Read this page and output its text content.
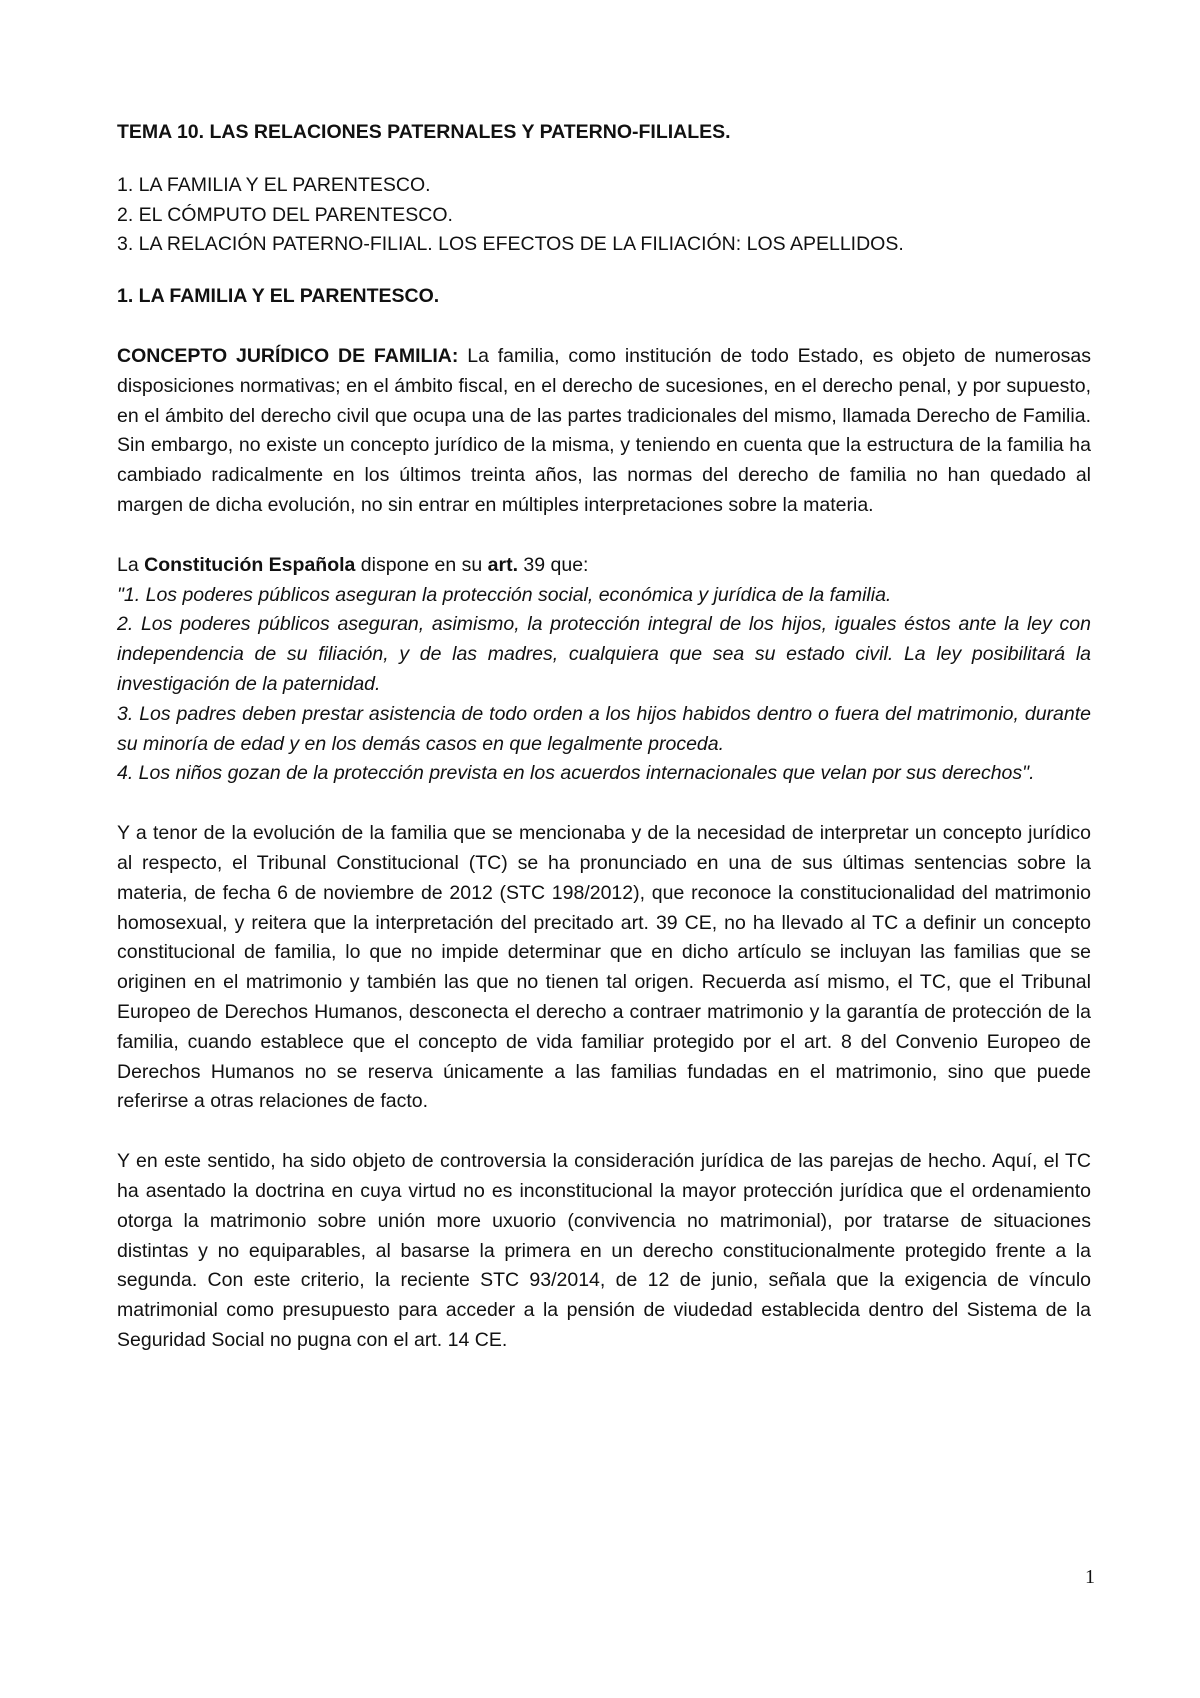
TEMA 10. LAS RELACIONES PATERNALES Y PATERNO-FILIALES.
1. LA FAMILIA Y EL PARENTESCO.
2. EL CÓMPUTO DEL PARENTESCO.
3. LA RELACIÓN PATERNO-FILIAL. LOS EFECTOS DE LA FILIACIÓN: LOS APELLIDOS.
1. LA FAMILIA Y EL PARENTESCO.

CONCEPTO JURÍDICO DE FAMILIA: La familia, como institución de todo Estado, es objeto de numerosas disposiciones normativas; en el ámbito fiscal, en el derecho de sucesiones, en el derecho penal, y por supuesto, en el ámbito del derecho civil que ocupa una de las partes tradicionales del mismo, llamada Derecho de Familia. Sin embargo, no existe un concepto jurídico de la misma, y teniendo en cuenta que la estructura de la familia ha cambiado radicalmente en los últimos treinta años, las normas del derecho de familia no han quedado al margen de dicha evolución, no sin entrar en múltiples interpretaciones sobre la materia.

La Constitución Española dispone en su art. 39 que:
"1. Los poderes públicos aseguran la protección social, económica y jurídica de la familia.
2. Los poderes públicos aseguran, asimismo, la protección integral de los hijos, iguales éstos ante la ley con independencia de su filiación, y de las madres, cualquiera que sea su estado civil. La ley posibilitará la investigación de la paternidad.
3. Los padres deben prestar asistencia de todo orden a los hijos habidos dentro o fuera del matrimonio, durante su minoría de edad y en los demás casos en que legalmente proceda.
4. Los niños gozan de la protección prevista en los acuerdos internacionales que velan por sus derechos".

Y a tenor de la evolución de la familia que se mencionaba y de la necesidad de interpretar un concepto jurídico al respecto, el Tribunal Constitucional (TC) se ha pronunciado en una de sus últimas sentencias sobre la materia, de fecha 6 de noviembre de 2012 (STC 198/2012), que reconoce la constitucionalidad del matrimonio homosexual, y reitera que la interpretación del precitado art. 39 CE, no ha llevado al TC a definir un concepto constitucional de familia, lo que no impide determinar que en dicho artículo se incluyan las familias que se originen en el matrimonio y también las que no tienen tal origen. Recuerda así mismo, el TC, que el Tribunal Europeo de Derechos Humanos, desconecta el derecho a contraer matrimonio y la garantía de protección de la familia, cuando establece que el concepto de vida familiar protegido por el art. 8 del Convenio Europeo de Derechos Humanos no se reserva únicamente a las familias fundadas en el matrimonio, sino que puede referirse a otras relaciones de facto.

Y en este sentido, ha sido objeto de controversia la consideración jurídica de las parejas de hecho. Aquí, el TC ha asentado la doctrina en cuya virtud no es inconstitucional la mayor protección jurídica que el ordenamiento otorga la matrimonio sobre unión more uxuorio (convivencia no matrimonial), por tratarse de situaciones distintas y no equiparables, al basarse la primera en un derecho constitucionalmente protegido frente a la segunda. Con este criterio, la reciente STC 93/2014, de 12 de junio, señala que la exigencia de vínculo matrimonial como presupuesto para acceder a la pensión de viudedad establecida dentro del Sistema de la Seguridad Social no pugna con el art. 14 CE.

1
